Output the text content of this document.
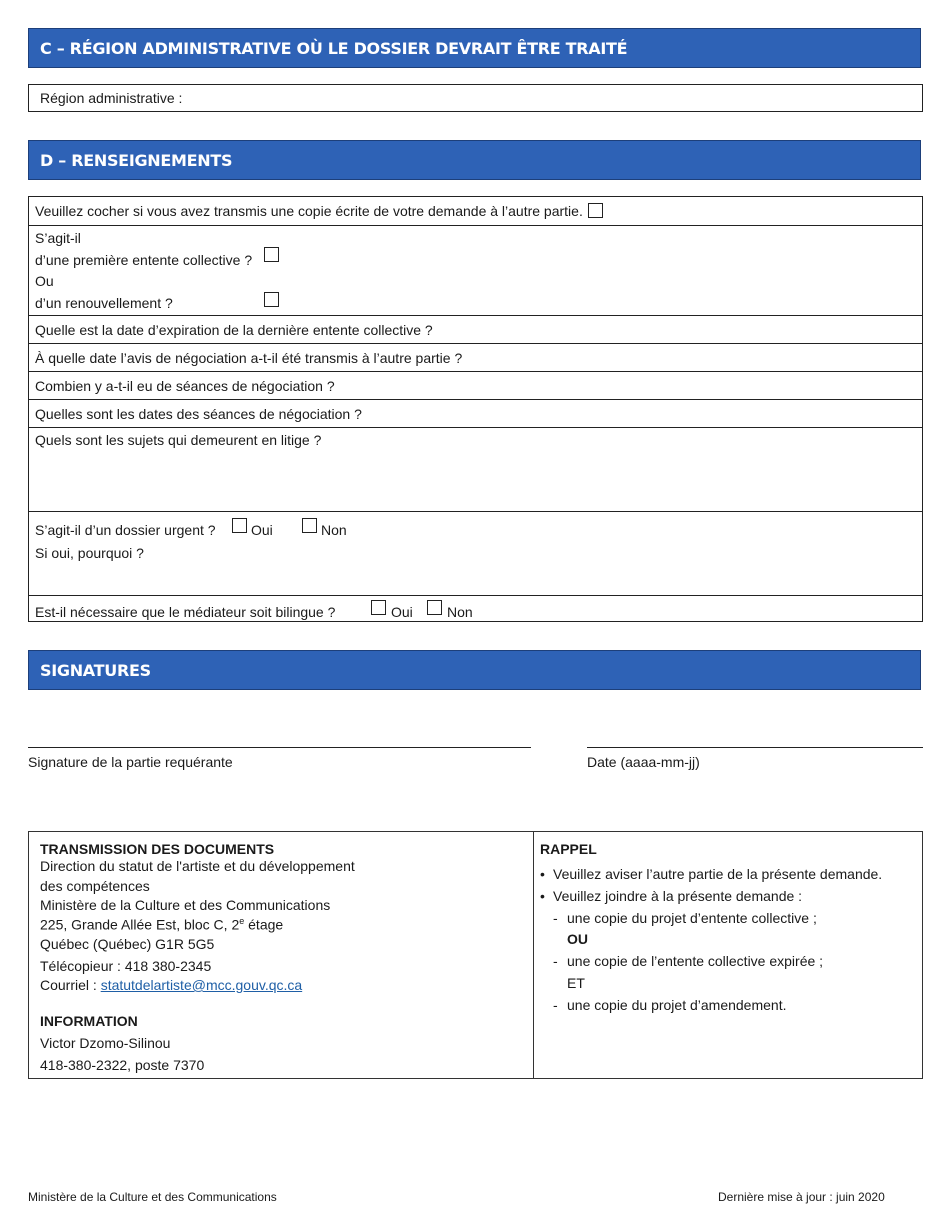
C – RÉGION ADMINISTRATIVE OÙ LE DOSSIER DEVRAIT ÊTRE TRAITÉ
Région administrative :
D – RENSEIGNEMENTS
Veuillez cocher si vous avez transmis une copie écrite de votre demande à l’autre partie.
S’agit-il
d’une première entente collective ?
Ou
d’un renouvellement ?
Quelle est la date d’expiration de la dernière entente collective ?
À quelle date l’avis de négociation a-t-il été transmis à l’autre partie ?
Combien y a-t-il eu de séances de négociation ?
Quelles sont les dates des séances de négociation ?
Quels sont les sujets qui demeurent en litige ?
S’agit-il d’un dossier urgent ?	Oui	Non
Si oui, pourquoi ?
Est-il nécessaire que le médiateur soit bilingue ?	Oui Non
SIGNATURES
Signature de la partie requérante	Date (aaaa-mm-jj)
TRANSMISSION DES DOCUMENTS
Direction du statut de l'artiste et du développement
des compétences
Ministère de la Culture et des Communications
225, Grande Allée Est, bloc C, 2e étage
Québec (Québec) G1R 5G5
Télécopieur : 418 380-2345
Courriel : statutdelartiste@mcc.gouv.qc.ca
INFORMATION
Victor Dzomo-Silinou
418-380-2322, poste 7370
RAPPEL
• Veuillez aviser l’autre partie de la présente demande.
• Veuillez joindre à la présente demande :
- une copie du projet d’entente collective ;
OU
- une copie de l’entente collective expirée ;
ET
- une copie du projet d’amendement.
Ministère de la Culture et des Communications	Dernière mise à jour : juin 2020
